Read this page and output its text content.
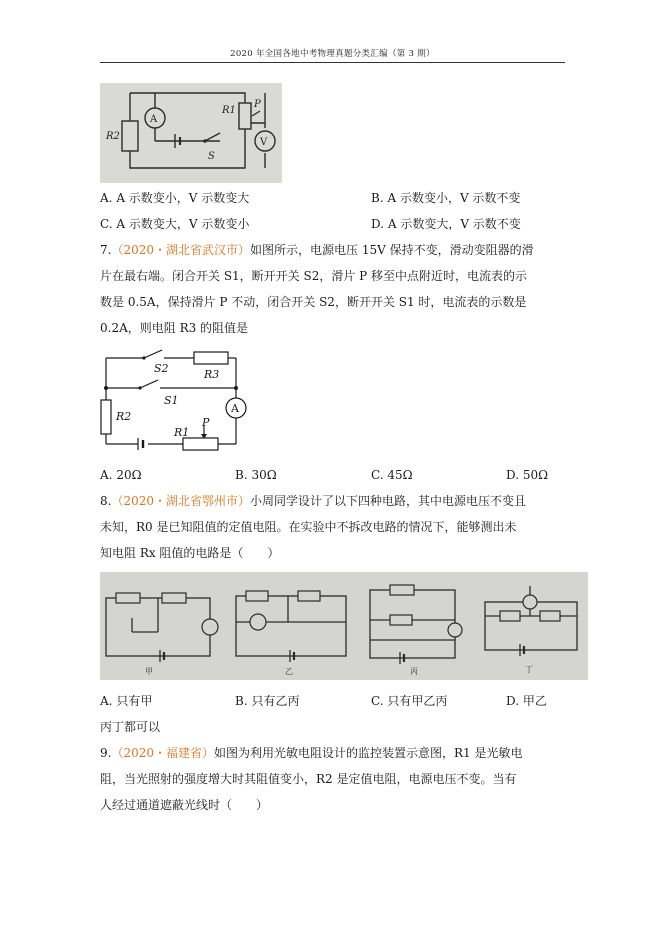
2020 年全国各地中考物理真题分类汇编（第 3 期）
A
V
R2
R1
P
S
A. A 示数变小，V 示数变大	B. A 示数变小，V 示数不变
C. A 示数变大，V 示数变小	D. A 示数变大，V 示数不变
7.（2020・湖北省武汉市）如图所示，电源电压 15V 保持不变，滑动变阻器的滑
片在最右端。闭合开关 S1，断开开关 S2，滑片 P 移至中点附近时，电流表的示
数是 0.5A，保持滑片 P 不动，闭合开关 S2，断开开关 S1 时，电流表的示数是
0.2A，则电阻 R3 的阻值是
A
S2	R3
S1
R2
R1
P
A. 20Ω	B. 30Ω	C. 45Ω	D. 50Ω
8.（2020・湖北省鄂州市）小周同学设计了以下四种电路，其中电源电压不变且
未知，R0 是已知阻值的定值电阻。在实验中不拆改电路的情况下，能够测出未
知电阻 Rx 阻值的电路是（　　）
甲	乙	丙	丁
A. 只有甲	B. 只有乙丙	C. 只有甲乙丙	D. 甲乙
丙丁都可以
9.（2020・福建省）如图为利用光敏电阻设计的监控装置示意图，R1 是光敏电
阻，当光照射的强度增大时其阻值变小，R2 是定值电阻，电源电压不变。当有
人经过通道遮蔽光线时（　　）
